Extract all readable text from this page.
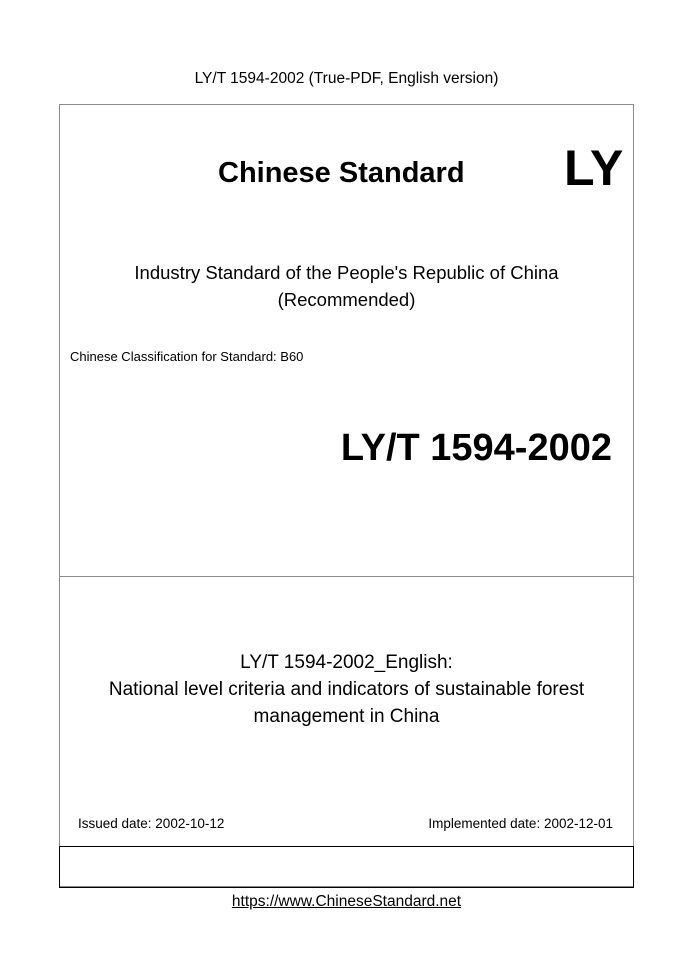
LY/T 1594-2002 (True-PDF, English version)
Chinese Standard LY
Industry Standard of the People's Republic of China
(Recommended)
Chinese Classification for Standard: B60
LY/T 1594-2002
LY/T 1594-2002_English:
National level criteria and indicators of sustainable forest
management in China
Issued date: 2002-10-12	Implemented date: 2002-12-01
https://www.ChineseStandard.net
